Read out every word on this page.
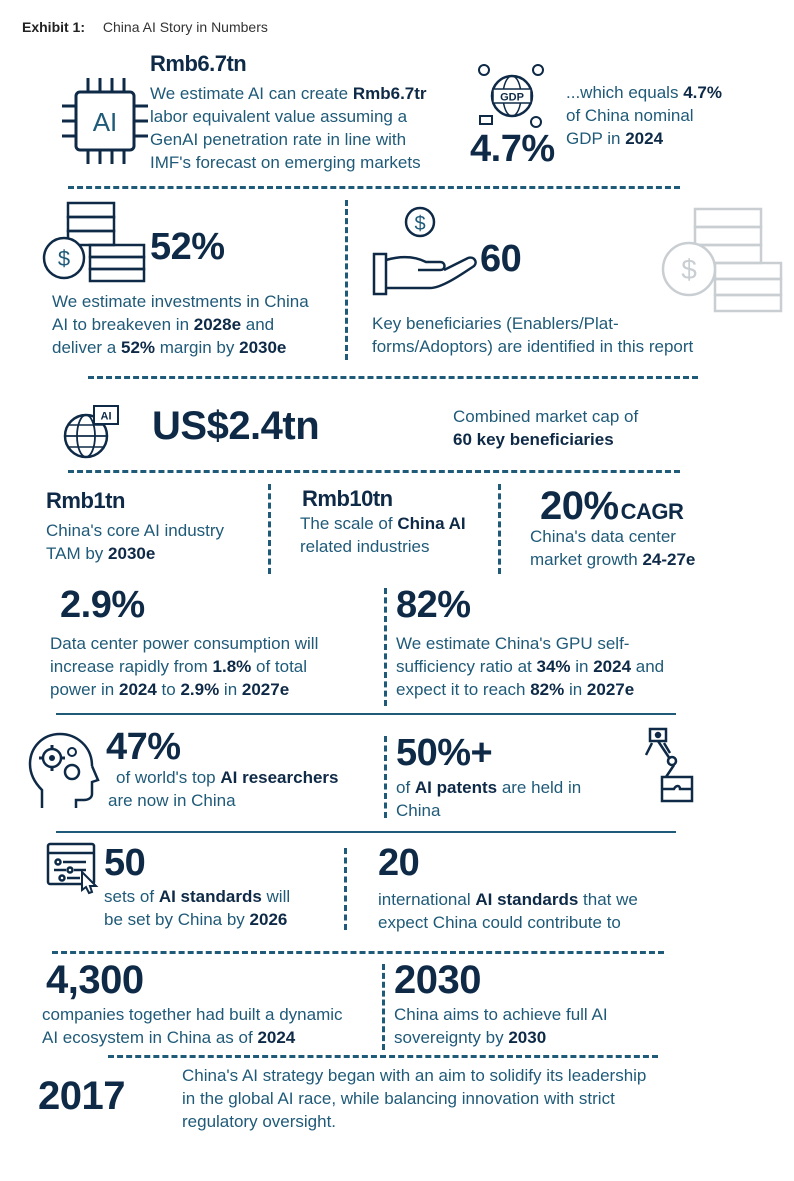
Exhibit 1: China AI Story in Numbers
AI
Rmb6.7tn
We estimate AI can create Rmb6.7tr
labor equivalent value assuming a
GenAI penetration rate in line with
IMF's forecast on emerging markets
GDP
4.7%
...which equals 4.7%
of China nominal
GDP in 2024
$ 52%
We estimate investments in China
AI to breakeven in 2028e and
deliver a 52% margin by 2030e
$
60	$
Key beneficiaries (Enablers/Plat-
forms/Adoptors) are identified in this report
AI US$2.4tn	Combined market cap of
60 key beneficiaries
Rmb1tn
China's core AI industry
TAM by 2030e
Rmb10tn
The scale of China AI
related industries
20%CAGR
China's data center
market growth 24-27e
2.9%
Data center power consumption will
increase rapidly from 1.8% of total
power in 2024 to 2.9% in 2027e
82%
We estimate China's GPU self-
sufficiency ratio at 34% in 2024 and
expect it to reach 82% in 2027e
47%
of world's top AI researchers
are now in China
50%+
of AI patents are held in
China
50
sets of AI standards will
be set by China by 2026
20
international AI standards that we
expect China could contribute to
4,300
companies together had built a dynamic
AI ecosystem in China as of 2024
2030
China aims to achieve full AI
sovereignty by 2030
2017	China's AI strategy began with an aim to solidify its leadership
in the global AI race, while balancing innovation with strict
regulatory oversight.
